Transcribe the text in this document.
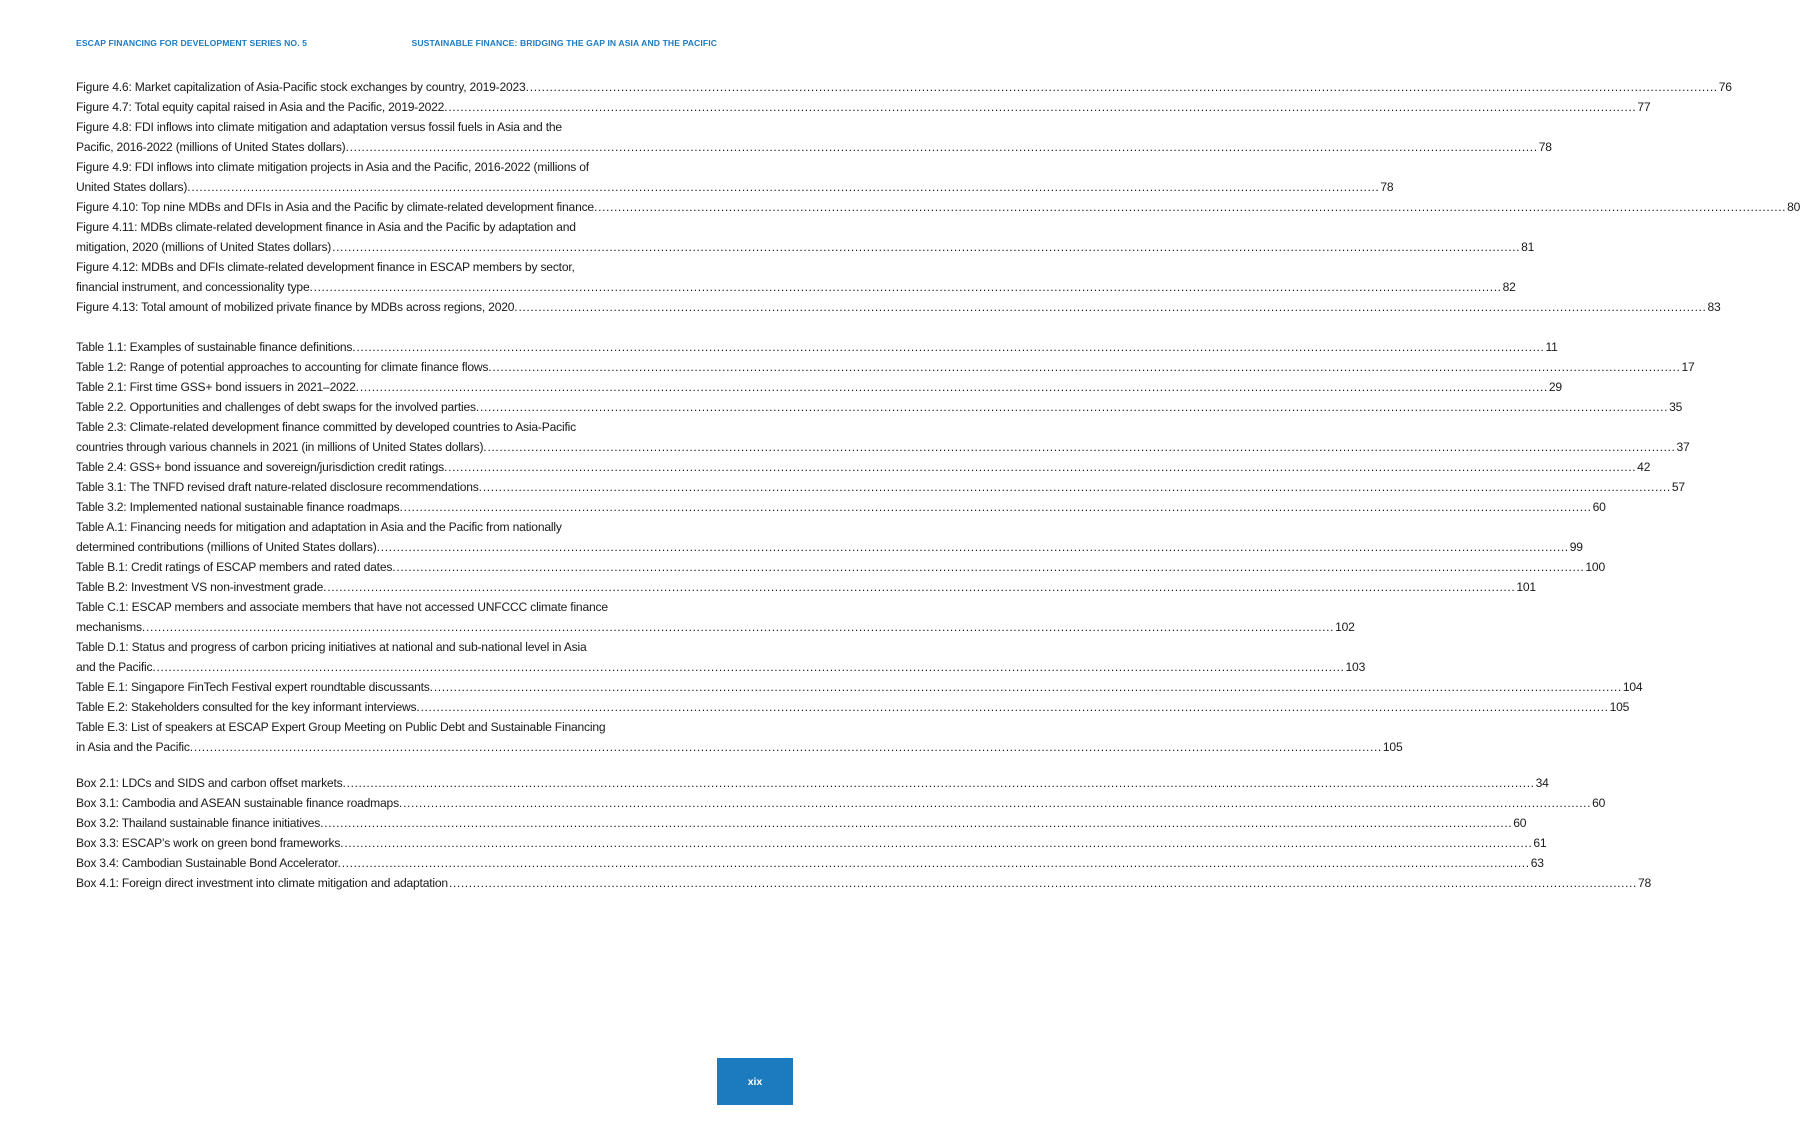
ESCAP FINANCING FOR DEVELOPMENT SERIES NO. 5	SUSTAINABLE FINANCE: BRIDGING THE GAP IN ASIA AND THE PACIFIC
Figure 4.6: Market capitalization of Asia-Pacific stock exchanges by country, 2019-2023. ............................................................................................................................................................................................................................................................................................................ 76
Figure 4.7: Total equity capital raised in Asia and the Pacific, 2019-2022. ............................................................................................................................................................................................................................................................................................................ 77
Figure 4.8: FDI inflows into climate mitigation and adaptation versus fossil fuels in Asia and the
Pacific, 2016-2022 (millions of United States dollars). ............................................................................................................................................................................................................................................................................................................ 78
Figure 4.9: FDI inflows into climate mitigation projects in Asia and the Pacific, 2016-2022 (millions of
United States dollars). ............................................................................................................................................................................................................................................................................................................ 78
Figure 4.10: Top nine MDBs and DFIs in Asia and the Pacific by climate-related development finance. ............................................................................................................................................................................................................................................................................................................ 80
Figure 4.11: MDBs climate-related development finance in Asia and the Pacific by adaptation and
mitigation, 2020 (millions of United States dollars) ............................................................................................................................................................................................................................................................................................................ 81
Figure 4.12: MDBs and DFIs climate-related development finance in ESCAP members by sector,
financial instrument, and concessionality type. ............................................................................................................................................................................................................................................................................................................ 82
Figure 4.13: Total amount of mobilized private finance by MDBs across regions, 2020. ............................................................................................................................................................................................................................................................................................................ 83
Table 1.1: Examples of sustainable finance definitions. ............................................................................................................................................................................................................................................................................................................ 11
Table 1.2: Range of potential approaches to accounting for climate finance flows. ............................................................................................................................................................................................................................................................................................................ 17
Table 2.1: First time GSS+ bond issuers in 2021–2022. ............................................................................................................................................................................................................................................................................................................ 29
Table 2.2. Opportunities and challenges of debt swaps for the involved parties. ............................................................................................................................................................................................................................................................................................................ 35
Table 2.3: Climate-related development finance committed by developed countries to Asia-Pacific
countries through various channels in 2021 (in millions of United States dollars). ............................................................................................................................................................................................................................................................................................................ 37
Table 2.4: GSS+ bond issuance and sovereign/jurisdiction credit ratings. ............................................................................................................................................................................................................................................................................................................ 42
Table 3.1: The TNFD revised draft nature-related disclosure recommendations. ............................................................................................................................................................................................................................................................................................................ 57
Table 3.2: Implemented national sustainable finance roadmaps. ............................................................................................................................................................................................................................................................................................................ 60
Table A.1: Financing needs for mitigation and adaptation in Asia and the Pacific from nationally
determined contributions (millions of United States dollars). ............................................................................................................................................................................................................................................................................................................ 99
Table B.1: Credit ratings of ESCAP members and rated dates. ............................................................................................................................................................................................................................................................................................................ 100
Table B.2: Investment VS non-investment grade. ............................................................................................................................................................................................................................................................................................................ 101
Table C.1: ESCAP members and associate members that have not accessed UNFCCC climate finance
mechanisms. ............................................................................................................................................................................................................................................................................................................ 102
Table D.1: Status and progress of carbon pricing initiatives at national and sub-national level in Asia
and the Pacific. ............................................................................................................................................................................................................................................................................................................ 103
Table E.1: Singapore FinTech Festival expert roundtable discussants. ............................................................................................................................................................................................................................................................................................................ 104
Table E.2: Stakeholders consulted for the key informant interviews. ............................................................................................................................................................................................................................................................................................................ 105
Table E.3: List of speakers at ESCAP Expert Group Meeting on Public Debt and Sustainable Financing
in Asia and the Pacific. ............................................................................................................................................................................................................................................................................................................ 105
Box 2.1: LDCs and SIDS and carbon offset markets. ............................................................................................................................................................................................................................................................................................................ 34
Box 3.1: Cambodia and ASEAN sustainable finance roadmaps. ............................................................................................................................................................................................................................................................................................................ 60
Box 3.2: Thailand sustainable finance initiatives. ............................................................................................................................................................................................................................................................................................................ 60
Box 3.3: ESCAP’s work on green bond frameworks. ............................................................................................................................................................................................................................................................................................................ 61
Box 3.4: Cambodian Sustainable Bond Accelerator. ............................................................................................................................................................................................................................................................................................................ 63
Box 4.1: Foreign direct investment into climate mitigation and adaptation ............................................................................................................................................................................................................................................................................................................ 78
xix
